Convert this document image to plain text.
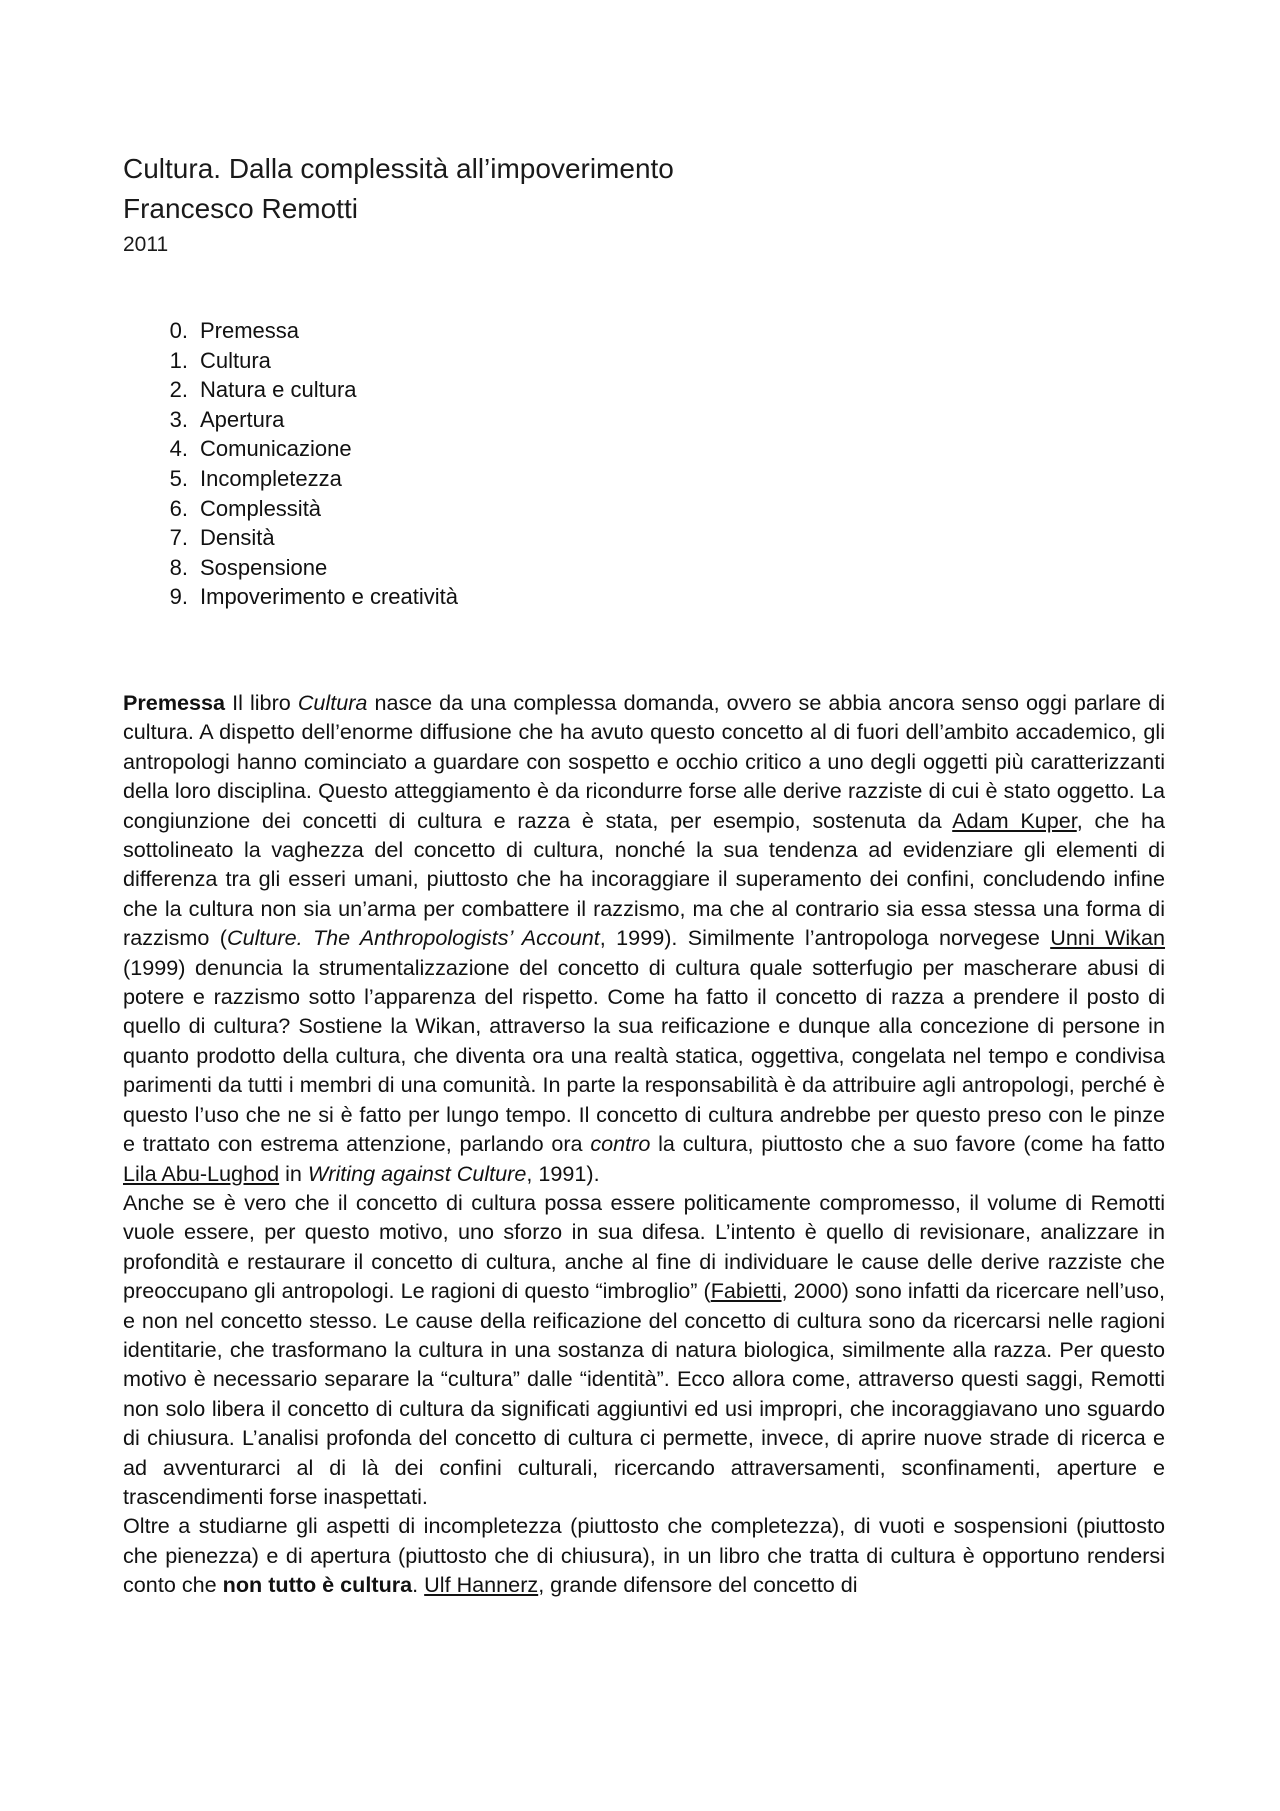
Cultura. Dalla complessità all’impoverimento
Francesco Remotti
2011
0. Premessa
1. Cultura
2. Natura e cultura
3. Apertura
4. Comunicazione
5. Incompletezza
6. Complessità
7. Densità
8. Sospensione
9. Impoverimento e creatività

Premessa Il libro Cultura nasce da una complessa domanda, ovvero se abbia ancora senso oggi parlare di cultura. A dispetto dell’enorme diffusione che ha avuto questo concetto al di fuori dell’ambito accademico, gli antropologi hanno cominciato a guardare con sospetto e occhio critico a uno degli oggetti più caratterizzanti della loro disciplina. Questo atteggiamento è da ricondurre forse alle derive razziste di cui è stato oggetto. La congiunzione dei concetti di cultura e razza è stata, per esempio, sostenuta da Adam Kuper, che ha sottolineato la vaghezza del concetto di cultura, nonché la sua tendenza ad evidenziare gli elementi di differenza tra gli esseri umani, piuttosto che ha incoraggiare il superamento dei confini, concludendo infine che la cultura non sia un’arma per combattere il razzismo, ma che al contrario sia essa stessa una forma di razzismo (Culture. The Anthropologists’ Account, 1999). Similmente l’antropologa norvegese Unni Wikan (1999) denuncia la strumentalizzazione del concetto di cultura quale sotterfugio per mascherare abusi di potere e razzismo sotto l’apparenza del rispetto. Come ha fatto il concetto di razza a prendere il posto di quello di cultura? Sostiene la Wikan, attraverso la sua reificazione e dunque alla concezione di persone in quanto prodotto della cultura, che diventa ora una realtà statica, oggettiva, congelata nel tempo e condivisa parimenti da tutti i membri di una comunità. In parte la responsabilità è da attribuire agli antropologi, perché è questo l’uso che ne si è fatto per lungo tempo. Il concetto di cultura andrebbe per questo preso con le pinze e trattato con estrema attenzione, parlando ora contro la cultura, piuttosto che a suo favore (come ha fatto Lila Abu-Lughod in Writing against Culture, 1991).

Anche se è vero che il concetto di cultura possa essere politicamente compromesso, il volume di Remotti vuole essere, per questo motivo, uno sforzo in sua difesa. L’intento è quello di revisionare, analizzare in profondità e restaurare il concetto di cultura, anche al fine di individuare le cause delle derive razziste che preoccupano gli antropologi. Le ragioni di questo “imbroglio” (Fabietti, 2000) sono infatti da ricercare nell’uso, e non nel concetto stesso. Le cause della reificazione del concetto di cultura sono da ricercarsi nelle ragioni identitarie, che trasformano la cultura in una sostanza di natura biologica, similmente alla razza. Per questo motivo è necessario separare la “cultura” dalle “identità”. Ecco allora come, attraverso questi saggi, Remotti non solo libera il concetto di cultura da significati aggiuntivi ed usi impropri, che incoraggiavano uno sguardo di chiusura. L’analisi profonda del concetto di cultura ci permette, invece, di aprire nuove strade di ricerca e ad avventurarci al di là dei confini culturali, ricercando attraversamenti, sconfinamenti, aperture e trascendimenti forse inaspettati.

Oltre a studiarne gli aspetti di incompletezza (piuttosto che completezza), di vuoti e sospensioni (piuttosto che pienezza) e di apertura (piuttosto che di chiusura), in un libro che tratta di cultura è opportuno rendersi conto che non tutto è cultura. Ulf Hannerz, grande difensore del concetto di
